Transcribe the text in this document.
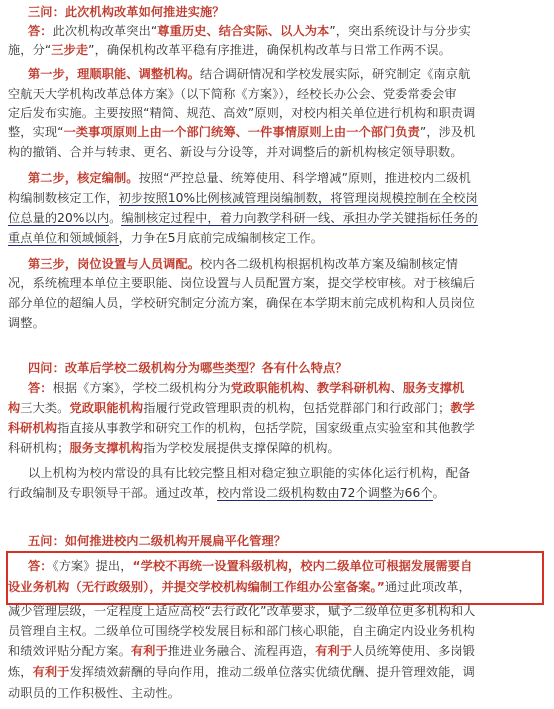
三问：此次机构改革如何推进实施？
答：此次机构改革突出“尊重历史、结合实际、以人为本”，突出系统设计与分步实
施，分“三步走”，确保机构改革平稳有序推进，确保机构改革与日常工作两不误。
第一步，理顺职能、调整机构。结合调研情况和学校发展实际，研究制定《南京航
空航天大学机构改革总体方案》（以下简称《方案》），经校长办公会、党委常委会审
定后发布实施。主要按照“精简、规范、高效”原则，对校内相关单位进行机构和职责调
整，实现“一类事项原则上由一个部门统筹、一件事情原则上由一个部门负责”，涉及机
构的撤销、合并与转隶、更名、新设与分设等，并对调整后的新机构核定领导职数。
第二步，核定编制。按照“严控总量、统筹使用、科学增减”原则，推进校内二级机
构编制数核定工作，初步按照10%比例核减管理岗编制数，将管理岗规模控制在全校岗
位总量的20%以内。编制核定过程中，着力向教学科研一线、承担办学关键指标任务的
重点单位和领域倾斜，力争在5月底前完成编制核定工作。
第三步，岗位设置与人员调配。校内各二级机构根据机构改革方案及编制核定情
况，系统梳理本单位主要职能、岗位设置与人员配置方案，提交学校审核。对于核编后
部分单位的超编人员，学校研究制定分流方案，确保在本学期末前完成机构和人员岗位
调整。
四问：改革后学校二级机构分为哪些类型？各有什么特点？
答：根据《方案》，学校二级机构分为党政职能机构、教学科研机构、服务支撑机
构三大类。党政职能机构指履行党政管理职责的机构，包括党群部门和行政部门；教学
科研机构指直接从事教学和研究工作的机构，包括学院，国家级重点实验室和其他教学
科研机构；服务支撑机构指为学校发展提供支撑保障的机构。
以上机构为校内常设的具有比较完整且相对稳定独立职能的实体化运行机构，配备
行政编制及专职领导干部。通过改革，校内常设二级机构数由72个调整为66个。
五问：如何推进校内二级机构开展扁平化管理？
答：《方案》提出，“学校不再统一设置科级机构，校内二级单位可根据发展需要自
设业务机构（无行政级别），并提交学校机构编制工作组办公室备案。”通过此项改革，
减少管理层级，一定程度上适应高校“去行政化”改革要求，赋予二级单位更多机构和人
员管理自主权。二级单位可围绕学校发展目标和部门核心职能，自主确定内设业务机构
和绩效评贴分配方案。有利于推进业务融合、流程再造，有利于人员统筹使用、多岗锻
炼，有利于发挥绩效薪酬的导向作用，推动二级单位落实优绩优酬、提升管理效能，调
动职员的工作积极性、主动性。
